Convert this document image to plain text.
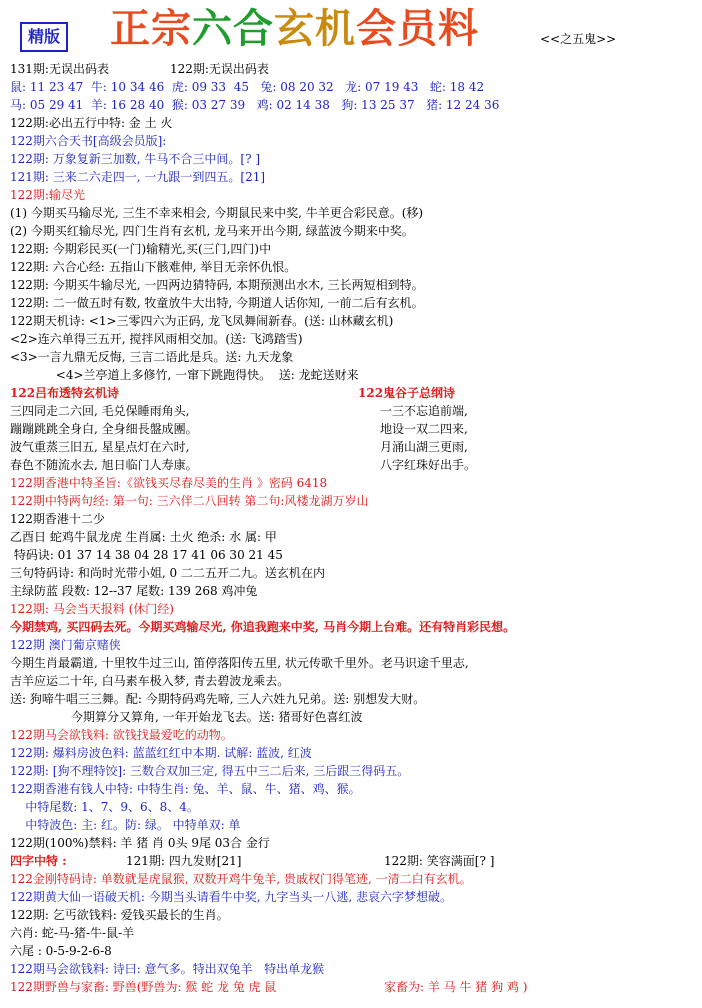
精版 正宗六合玄机会员料	<<之五鬼>>
131期:无误出码表                122期:无误出码表
鼠: 11 23 47  牛: 10 34 46  虎: 09 33  45   兔: 08 20 32   龙: 07 19 43   蛇: 18 42
马: 05 29 41  羊: 16 28 40  猴: 03 27 39   鸡: 02 14 38   狗: 13 25 37   猪: 12 24 36
122期:必出五行中特: 金 土 火
122期六合天书[高级会员版]:
122期: 万象复新三加数, 牛马不合三中间。[? ]
121期: 三来二六走四一, 一九跟一到四五。[21]
122期:输尽光
(1) 今期买马输尽光, 三生不幸来相会, 今期鼠民来中奖, 牛羊更合彩民意。(移)
(2) 今期买红输尽光, 四门生肖有玄机, 龙马来开出今期, 绿蓝波今期来中奖。
122期: 今期彩民买(一门)输精光,买(三门,四门)中
122期: 六合心经: 五指山下骸难伸, 举目无亲怀仇恨。
122期: 今期买牛输尽光, 一四两边猜特码, 本期预测出水木, 三长两短相到特。
122期: 二一做五时有数, 牧童放牛大出特, 今期道人话你知, 一前二后有玄机。
122期天机诗: <1>三零四六为正码, 龙飞凤舞闹新春。(送: 山林藏玄机)
<2>连六单得三五开, 搅拌风雨相交加。(送: 飞鸿踏雪)
<3>一言九鼎无反悔, 三言二语此是兵。送: 九天龙象
<4>兰亭道上多修竹, 一窜下跳跑得快。  送: 龙蛇送财来
122吕布透特玄机诗	122鬼谷子总纲诗
三四同走二六回, 毛兑保睡雨角头,
蹦蹦跳跳全身白, 全身细長盤成團。
波气重蒸三旧五, 星星点灯在六时,
春色不随流水去, 旭日临门人寿康。
一三不忘追前端,
地设一双二四来,
月涌山湖三更雨,
八字红珠好出手。
122期香港中特圣旨:《欲钱买尽春尽美的生肖 》密码 6418
122期中特两句经: 第一句: 三六伴二八回转 第二句:风楼龙湖万岁山
122期香港十二少
乙酉日 蛇鸡牛鼠龙虎 生肖属: 土火 绝杀: 水 属: 甲
特码诀: 01 37 14 38 04 28 17 41 06 30 21 45
三句特码诗: 和尚时光带小姐, 0 二二五开二九。送玄机在内
主绿防蓝 段数: 12--37 尾数: 139 268 鸡冲兔
122期: 马会当天报料 (休门经)
今期禁鸡, 买四码去死。今期买鸡输尽光, 你追我跑来中奖, 马肖今期上台难。还有特肖彩民想。
122期 澳门葡京赌侠
今期生肖最霸道, 十里牧牛过三山, 笛停落阳传五里, 状元传歌千里外。老马识途千里志,
吉羊应运二十年, 白马素车极入梦, 青去碧波龙乘去。
送: 狗啼牛唱三三舞。配: 今期特码鸡先啼, 三人六姓九兄弟。送: 别想发大财。
今期算分又算角, 一年开始龙飞去。送: 猪哥好色喜红波
122期马会欲钱料: 欲钱找最爱吃的动物。
122期: 爆料房波色料: 蓝蓝红红中本期. 试解: 蓝波, 红波
122期: [狗不理特饺]: 三数合双加三定, 得五中三二后来, 三后跟三得码五。
122期香港有钱人中特: 中特生肖: 兔、羊、鼠、牛、猪、鸡、猴。
中特尾数: 1、7、9、6、8、4。
中特波色: 主: 红。防: 绿。 中特单双: 单
122期(100%)禁料: 羊 猪 肖 0头 9尾 03合 金行
四字中特 :	121期: 四九发财[21]	122期: 笑容满面[? ]
122金刚特码诗: 单数就是虎鼠猴, 双数开鸡牛兔羊, 贵戚权门得笔迹, 一清二白有玄机。
122期黄大仙一语破天机: 今期当头请看牛中奖, 九字当头一八逃, 悲哀六字梦想破。
122期: 乞丐欲钱料: 爱钱买最长的生肖。
六肖: 蛇-马-猪-牛-鼠-羊
六尾 : 0-5-9-2-6-8
122期马会欲钱料: 诗曰: 意气多。特出双兔羊   特出单龙猴
122期野兽与家畜: 野兽(野兽为: 猴 蛇 龙 兔 虎 鼠	家畜为: 羊 马 牛 猪 狗 鸡 )
